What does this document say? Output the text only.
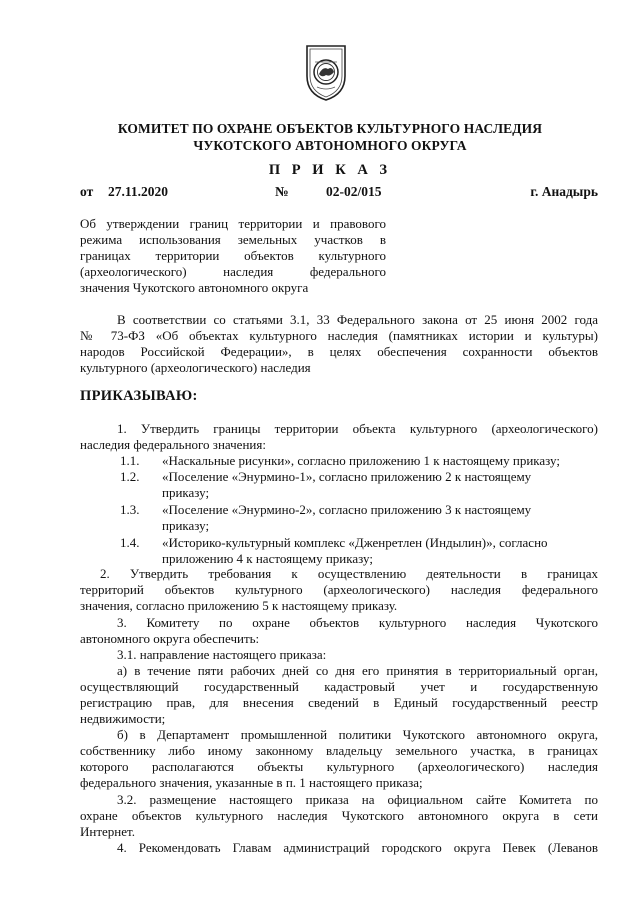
КОМИТЕТ ПО ОХРАНЕ ОБЪЕКТОВ КУЛЬТУРНОГО НАСЛЕДИЯ
ЧУКОТСКОГО АВТОНОМНОГО ОКРУГА
П Р И К А З
от 27.11.2020	№	02-02/015	г. Анадырь
Об утверждении границ территории и правового
режима использования земельных участков в
границах территории объектов культурного
(археологического) наследия федерального
значения Чукотского автономного округа
В соответствии со статьями 3.1, 33 Федерального закона от 25 июня 2002 года
№ 73-ФЗ «Об объектах культурного наследия (памятниках истории и культуры)
народов Российской Федерации», в целях обеспечения сохранности объектов
культурного (археологического) наследия
ПРИКАЗЫВАЮ:
1. Утвердить границы территории объекта культурного (археологического)
наследия федерального значения:
1.1.	«Наскальные рисунки», согласно приложению 1 к настоящему приказу;
1.2.	«Поселение «Энурмино-1», согласно приложению 2 к настоящему
приказу;
1.3.	«Поселение «Энурмино-2», согласно приложению 3 к настоящему
приказу;
1.4.	«Историко-культурный комплекс «Дженретлен (Индылин)», согласно
приложению 4 к настоящему приказу;
2. Утвердить требования к осуществлению деятельности в границах
территорий объектов культурного (археологического) наследия федерального
значения, согласно приложению 5 к настоящему приказу.
3. Комитету по охране объектов культурного наследия Чукотского
автономного округа обеспечить:
3.1. направление настоящего приказа:
а) в течение пяти рабочих дней со дня его принятия в территориальный орган,
осуществляющий государственный кадастровый учет и государственную
регистрацию прав, для внесения сведений в Единый государственный реестр
недвижимости;
б) в Департамент промышленной политики Чукотского автономного округа,
собственнику либо иному законному владельцу земельного участка, в границах
которого располагаются объекты культурного (археологического) наследия
федерального значения, указанные в п. 1 настоящего приказа;
3.2. размещение настоящего приказа на официальном сайте Комитета по
охране объектов культурного наследия Чукотского автономного округа в сети
Интернет.
4. Рекомендовать Главам администраций городского округа Певек (Леванов
